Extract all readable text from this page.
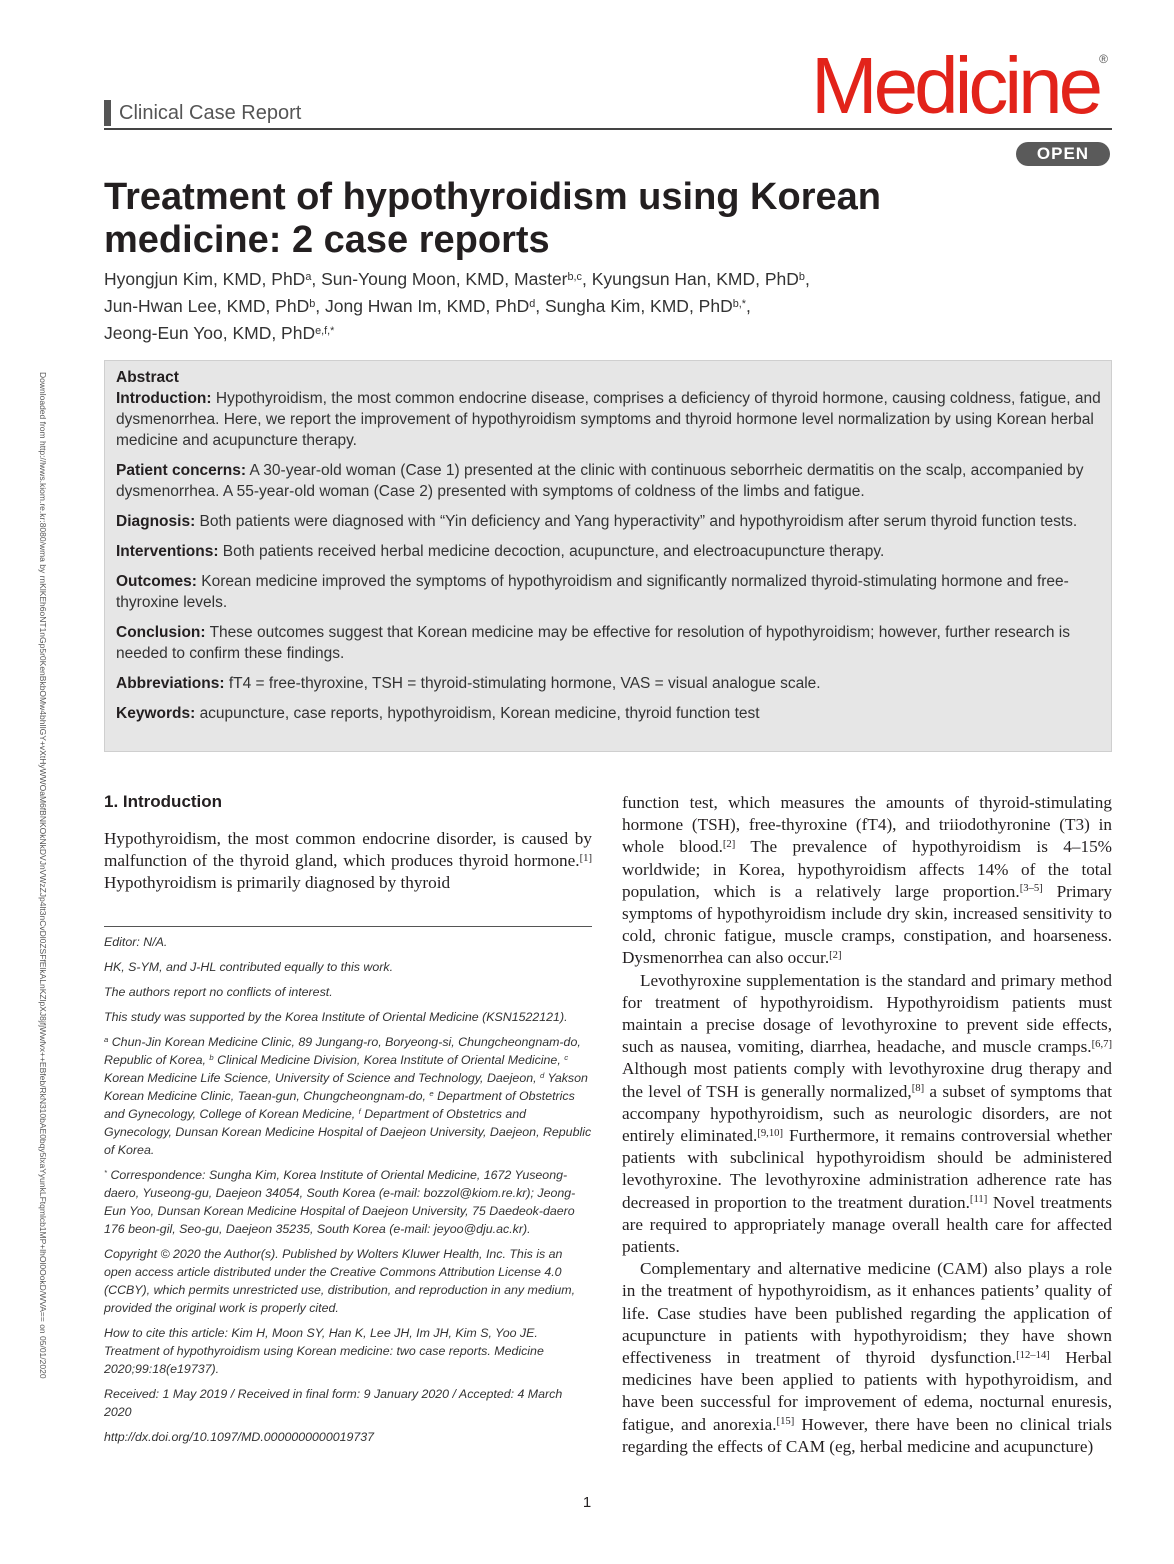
Downloaded from http://lwws.kiom.re.kr:8080/wma by rnKlKEh6oNT1nGp5r0KenBkbOMw4bhIlGY+vXtHyWWOaM6fBNKOkNkDVJnVWzZJp4lt3nCvDl0ZSFfElkALnKZlpXJ8jfjWwfvx++EBfeb/RkN310bAE0bqy5lxaYyunkLFtqmlcb1MP+lhOl0OokD/WVA== on 05/01/2020
Clinical Case Report	Medicine®
OPEN
Treatment of hypothyroidism using Korean medicine: 2 case reports
Hyongjun Kim, KMD, PhD$^a$, Sun-Young Moon, KMD, Master$^{b,c}$, Kyungsun Han, KMD, PhD$^b$,
Jun-Hwan Lee, KMD, PhD$^b$, Jong Hwan Im, KMD, PhD$^d$, Sungha Kim, KMD, PhD$^{b,*}$,
Jeong-Eun Yoo, KMD, PhD$^{e,f,*}$

Abstract

Introduction: Hypothyroidism, the most common endocrine disease, comprises a deficiency of thyroid hormone, causing coldness, fatigue, and dysmenorrhea. Here, we report the improvement of hypothyroidism symptoms and thyroid hormone level normalization by using Korean herbal medicine and acupuncture therapy.

Patient concerns: A 30-year-old woman (Case 1) presented at the clinic with continuous seborrheic dermatitis on the scalp, accompanied by dysmenorrhea. A 55-year-old woman (Case 2) presented with symptoms of coldness of the limbs and fatigue.

Diagnosis: Both patients were diagnosed with “Yin deficiency and Yang hyperactivity” and hypothyroidism after serum thyroid function tests.

Interventions: Both patients received herbal medicine decoction, acupuncture, and electroacupuncture therapy.

Outcomes: Korean medicine improved the symptoms of hypothyroidism and significantly normalized thyroid-stimulating hormone and free-thyroxine levels.

Conclusion: These outcomes suggest that Korean medicine may be effective for resolution of hypothyroidism; however, further research is needed to confirm these findings.

Abbreviations: fT4 = free-thyroxine, TSH = thyroid-stimulating hormone, VAS = visual analogue scale.

Keywords: acupuncture, case reports, hypothyroidism, Korean medicine, thyroid function test

1. Introduction

Hypothyroidism, the most common endocrine disorder, is caused by malfunction of the thyroid gland, which produces thyroid hormone.[1] Hypothyroidism is primarily diagnosed by thyroid

Editor: N/A.

HK, S-YM, and J-HL contributed equally to this work.

The authors report no conflicts of interest.

This study was supported by the Korea Institute of Oriental Medicine (KSN1522121).

$^a$ Chun-Jin Korean Medicine Clinic, 89 Jungang-ro, Boryeong-si, Chungcheongnam-do, Republic of Korea, $^b$ Clinical Medicine Division, Korea Institute of Oriental Medicine, $^c$ Korean Medicine Life Science, University of Science and Technology, Daejeon, $^d$ Yakson Korean Medicine Clinic, Taean-gun, Chungcheongnam-do, $^e$ Department of Obstetrics and Gynecology, College of Korean Medicine, $^f$ Department of Obstetrics and Gynecology, Dunsan Korean Medicine Hospital of Daejeon University, Daejeon, Republic of Korea.

* Correspondence: Sungha Kim, Korea Institute of Oriental Medicine, 1672 Yuseong-daero, Yuseong-gu, Daejeon 34054, South Korea (e-mail: bozzol@kiom.re.kr); Jeong-Eun Yoo, Dunsan Korean Medicine Hospital of Daejeon University, 75 Daedeok-daero 176 beon-gil, Seo-gu, Daejeon 35235, South Korea (e-mail: jeyoo@dju.ac.kr).

Copyright © 2020 the Author(s). Published by Wolters Kluwer Health, Inc. This is an open access article distributed under the Creative Commons Attribution License 4.0 (CCBY), which permits unrestricted use, distribution, and reproduction in any medium, provided the original work is properly cited.

How to cite this article: Kim H, Moon SY, Han K, Lee JH, Im JH, Kim S, Yoo JE. Treatment of hypothyroidism using Korean medicine: two case reports. Medicine 2020;99:18(e19737).

Received: 1 May 2019 / Received in final form: 9 January 2020 / Accepted: 4 March 2020

http://dx.doi.org/10.1097/MD.0000000000019737

function test, which measures the amounts of thyroid-stimulating hormone (TSH), free-thyroxine (fT4), and triiodothyronine (T3) in whole blood.[2] The prevalence of hypothyroidism is 4–15% worldwide; in Korea, hypothyroidism affects 14% of the total population, which is a relatively large proportion.[3–5] Primary symptoms of hypothyroidism include dry skin, increased sensitivity to cold, chronic fatigue, muscle cramps, constipation, and hoarseness. Dysmenorrhea can also occur.[2]

Levothyroxine supplementation is the standard and primary method for treatment of hypothyroidism. Hypothyroidism patients must maintain a precise dosage of levothyroxine to prevent side effects, such as nausea, vomiting, diarrhea, headache, and muscle cramps.[6,7] Although most patients comply with levothyroxine drug therapy and the level of TSH is generally normalized,[8] a subset of symptoms that accompany hypothyroidism, such as neurologic disorders, are not entirely eliminated.[9,10] Furthermore, it remains controversial whether patients with subclinical hypothyroidism should be administered levothyroxine. The levothyroxine administration adherence rate has decreased in proportion to the treatment duration.[11] Novel treatments are required to appropriately manage overall health care for affected patients.

Complementary and alternative medicine (CAM) also plays a role in the treatment of hypothyroidism, as it enhances patients’ quality of life. Case studies have been published regarding the application of acupuncture in patients with hypothyroidism; they have shown effectiveness in treatment of thyroid dysfunction.[12–14] Herbal medicines have been applied to patients with hypothyroidism, and have been successful for improvement of edema, nocturnal enuresis, fatigue, and anorexia.[15] However, there have been no clinical trials regarding the effects of CAM (eg, herbal medicine and acupuncture)

1
